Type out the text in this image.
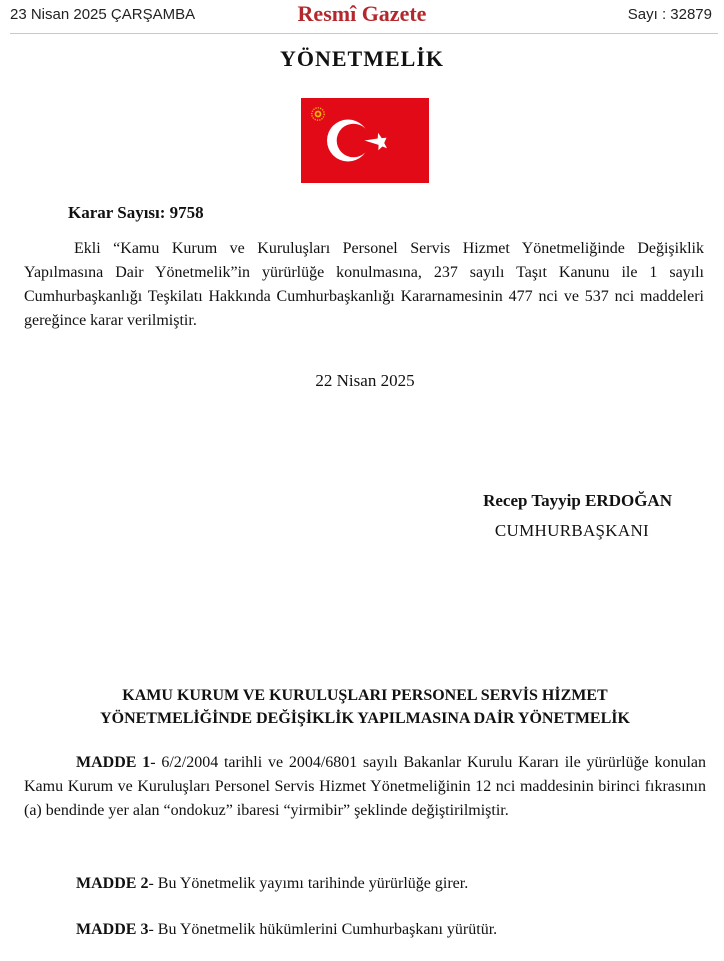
23 Nisan 2025 ÇARŞAMBA	Resmî Gazete	Sayı : 32879
YÖNETMELİK
Karar Sayısı: 9758

Ekli “Kamu Kurum ve Kuruluşları Personel Servis Hizmet Yönetmeliğinde Değişiklik Yapılmasına Dair Yönetmelik”in yürürlüğe konulmasına, 237 sayılı Taşıt Kanunu ile 1 sayılı Cumhurbaşkanlığı Teşkilatı Hakkında Cumhurbaşkanlığı Kararnamesinin 477 nci ve 537 nci maddeleri gereğince karar verilmiştir.

22 Nisan 2025
Recep Tayyip ERDOĞAN
CUMHURBAŞKANI
KAMU KURUM VE KURULUŞLARI PERSONEL SERVİS HİZMET
YÖNETMELİĞİNDE DEĞİŞİKLİK YAPILMASINA DAİR YÖNETMELİK

MADDE 1- 6/2/2004 tarihli ve 2004/6801 sayılı Bakanlar Kurulu Kararı ile yürürlüğe konulan Kamu Kurum ve Kuruluşları Personel Servis Hizmet Yönetmeliğinin 12 nci maddesinin birinci fıkrasının (a) bendinde yer alan “ondokuz” ibaresi “yirmibir” şeklinde değiştirilmiştir.

MADDE 2- Bu Yönetmelik yayımı tarihinde yürürlüğe girer.

MADDE 3- Bu Yönetmelik hükümlerini Cumhurbaşkanı yürütür.
